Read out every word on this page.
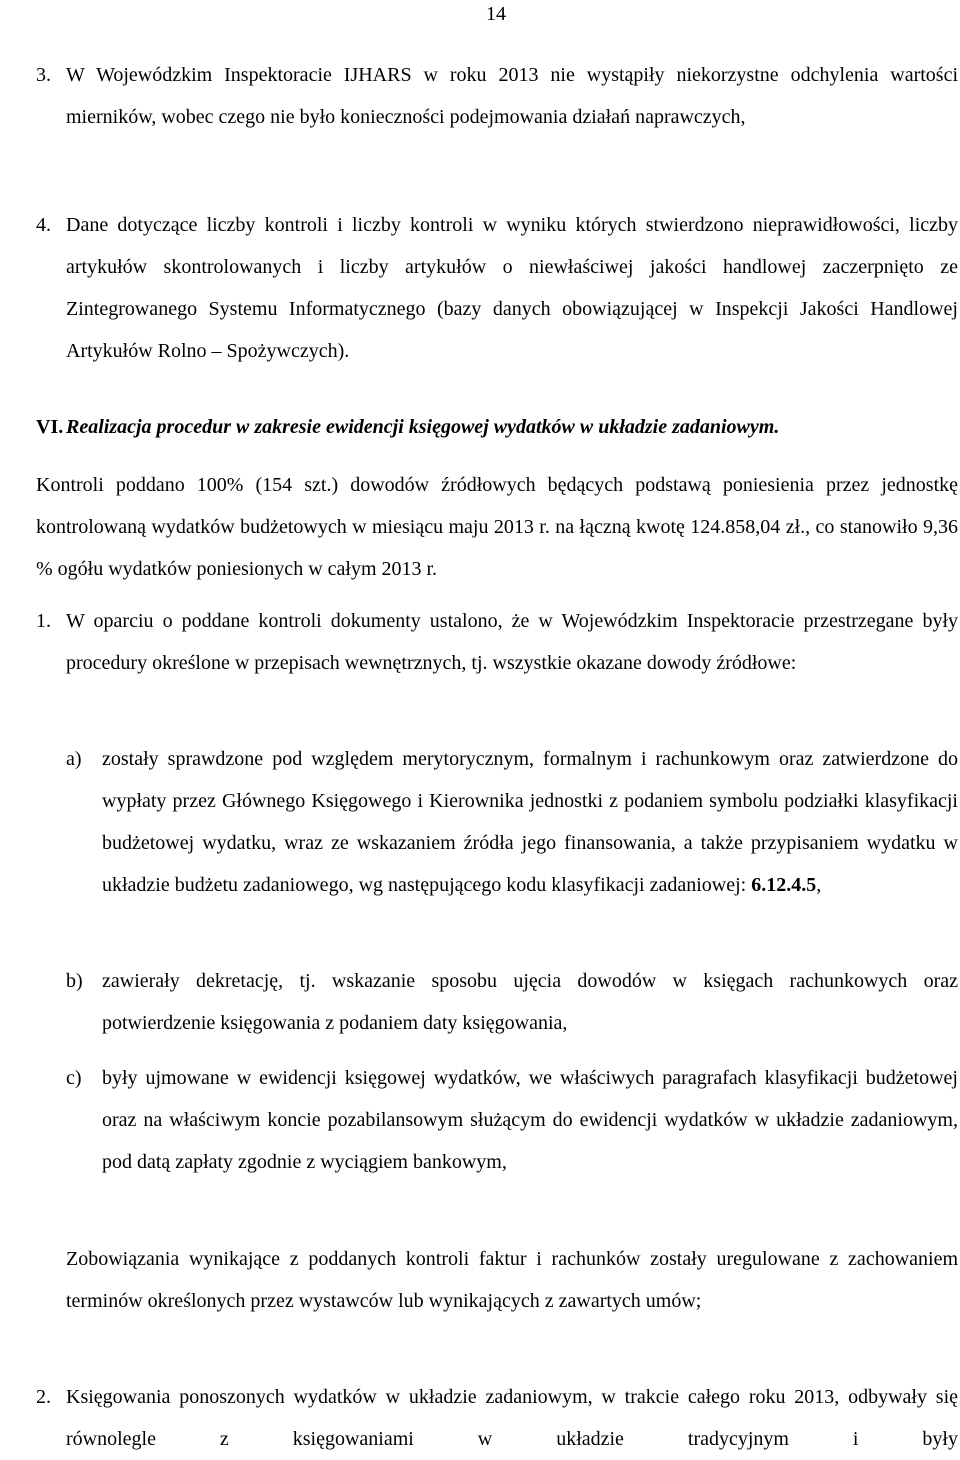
14
3. W Wojewódzkim Inspektoracie IJHARS w roku 2013 nie wystąpiły niekorzystne odchylenia wartości mierników, wobec czego nie było konieczności podejmowania działań naprawczych,
4. Dane dotyczące liczby kontroli i liczby kontroli w wyniku których stwierdzono nieprawidłowości, liczby artykułów skontrolowanych i liczby artykułów o niewłaściwej jakości handlowej zaczerpnięto ze Zintegrowanego Systemu Informatycznego (bazy danych obowiązującej w Inspekcji Jakości Handlowej Artykułów Rolno – Spożywczych).
VI. Realizacja procedur w zakresie ewidencji księgowej wydatków w układzie zadaniowym.
Kontroli poddano 100% (154 szt.) dowodów źródłowych będących podstawą poniesienia przez jednostkę kontrolowaną wydatków budżetowych w miesiącu maju 2013 r. na łączną kwotę 124.858,04 zł., co stanowiło 9,36 % ogółu wydatków poniesionych w całym 2013 r.
1. W oparciu o poddane kontroli dokumenty ustalono, że w Wojewódzkim Inspektoracie przestrzegane były procedury określone w przepisach wewnętrznych, tj. wszystkie okazane dowody źródłowe:
a) zostały sprawdzone pod względem merytorycznym, formalnym i rachunkowym oraz zatwierdzone do wypłaty przez Głównego Księgowego i Kierownika jednostki z podaniem symbolu podziałki klasyfikacji budżetowej wydatku, wraz ze wskazaniem źródła jego finansowania, a także przypisaniem wydatku w układzie budżetu zadaniowego, wg następującego kodu klasyfikacji zadaniowej: 6.12.4.5,
b) zawierały dekretację, tj. wskazanie sposobu ujęcia dowodów w księgach rachunkowych oraz potwierdzenie księgowania z podaniem daty księgowania,
c) były ujmowane w ewidencji księgowej wydatków, we właściwych paragrafach klasyfikacji budżetowej oraz na właściwym koncie pozabilansowym służącym do ewidencji wydatków w układzie zadaniowym, pod datą zapłaty zgodnie z wyciągiem bankowym,
Zobowiązania wynikające z poddanych kontroli faktur i rachunków zostały uregulowane z zachowaniem terminów określonych przez wystawców lub wynikających z zawartych umów;
2. Księgowania ponoszonych wydatków w układzie zadaniowym, w trakcie całego roku 2013, odbywały się równolegle z księgowaniami w układzie tradycyjnym i były
